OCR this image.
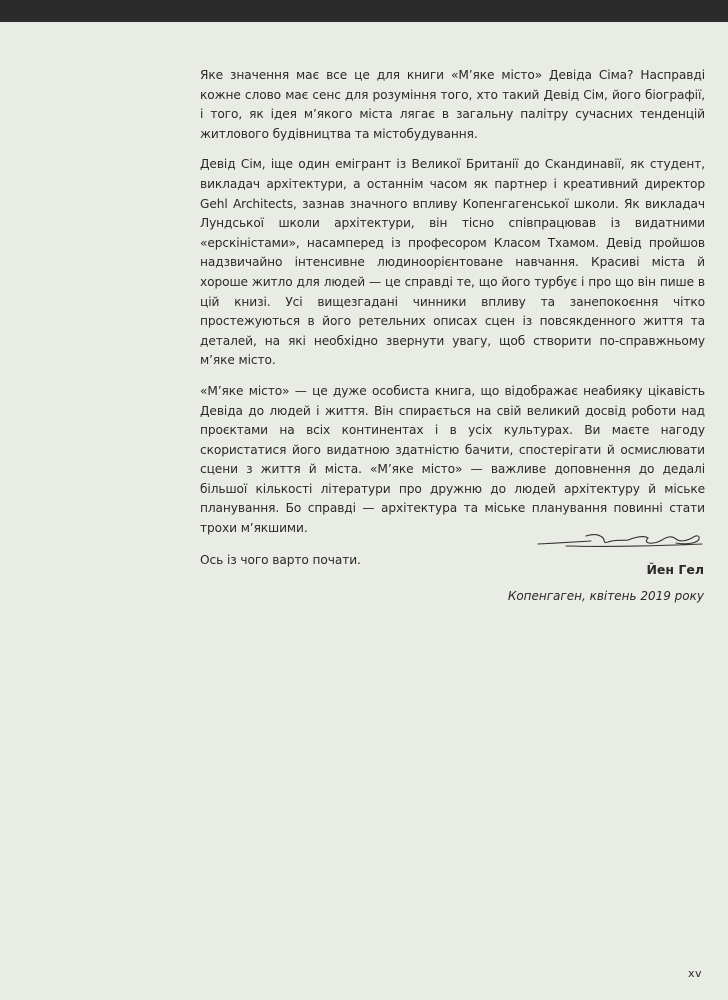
Яке значення має все це для книги «М’яке місто» Девіда Сіма? Насправді кожне слово має сенс для розуміння того, хто такий Девід Сім, його біографії, і того, як ідея м’якого міста лягає в загальну палітру сучасних тенденцій житлового будівництва та містобудування.

Девід Сім, іще один емігрант із Великої Британії до Скандинавії, як студент, викладач архітектури, а останнім часом як партнер і креативний директор Gehl Architects, зазнав значного впливу Копенгагенської школи. Як викладач Лундської школи архітектури, він тісно співпрацював із видатними «ерскіністами», насамперед із професором Класом Тхамом. Девід пройшов надзвичайно інтенсивне людиноорієнтоване навчання. Красиві міста й хороше житло для людей — це справді те, що його турбує і про що він пише в цій книзі. Усі вищезгадані чинники впливу та занепокоєння чітко простежуються в його ретельних описах сцен із повсякденного життя та деталей, на які необхідно звернути увагу, щоб створити по-справжньому м’яке місто.

«М’яке місто» — це дуже особиста книга, що відображає неабияку цікавість Девіда до людей і життя. Він спирається на свій великий досвід роботи над проєктами на всіх континентах і в усіх культурах. Ви маєте нагоду скористатися його видатною здатністю бачити, спостерігати й осмислювати сцени з життя й міста. «М’яке місто» — важливе доповнення до дедалі більшої кількості літератури про дружню до людей архітектуру й міське планування. Бо справді — архітектура та міське планування повинні стати трохи м’якшими.

Ось із чого варто почати.

Йен Гел
Копенгаген, квітень 2019 року
xv
